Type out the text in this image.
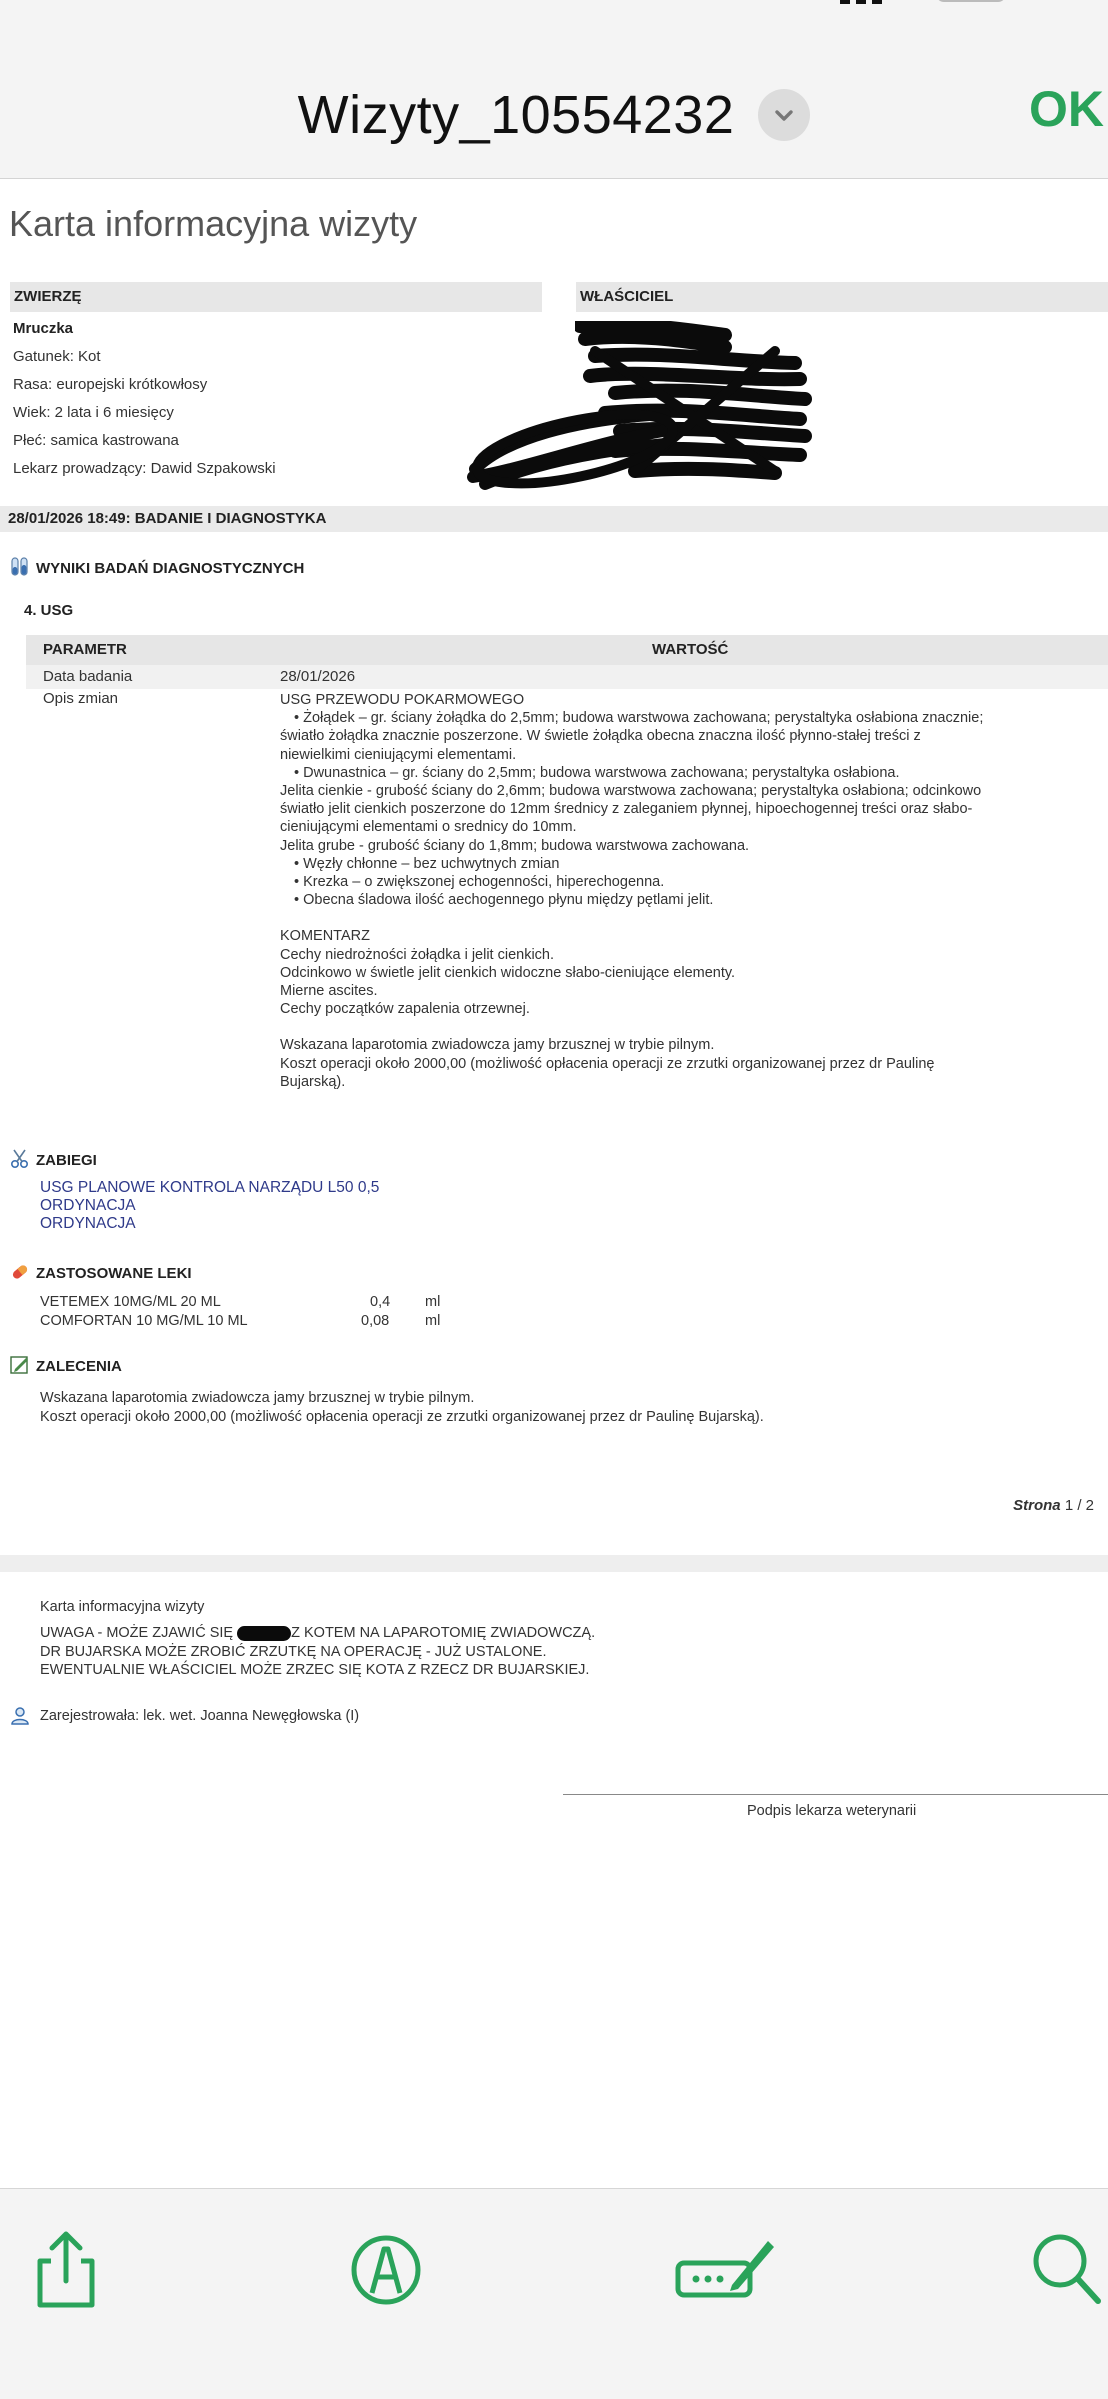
Wizyty_10554232	OK
Karta informacyjna wizyty
ZWIERZĘ
Mruczka
Gatunek: Kot
Rasa: europejski krótkowłosy
Wiek: 2 lata i 6 miesięcy
Płeć: samica kastrowana
Lekarz prowadzący: Dawid Szpakowski
WŁAŚCICIEL
28/01/2026 18:49: BADANIE I DIAGNOSTYKA
WYNIKI BADAŃ DIAGNOSTYCZNYCH
4. USG
PARAMETR	WARTOŚĆ
Data badania	28/01/2026
Opis zmian	USG PRZEWODU POKARMOWEGO
• Żołądek – gr. ściany żołądka do 2,5mm; budowa warstwowa zachowana; perystaltyka osłabiona znacznie;
światło żołądka znacznie poszerzone. W świetle żołądka obecna znaczna ilość płynno-stałej treści z
niewielkimi cieniującymi elementami.
• Dwunastnica – gr. ściany do 2,5mm; budowa warstwowa zachowana; perystaltyka osłabiona.
Jelita cienkie - grubość ściany do 2,6mm; budowa warstwowa zachowana; perystaltyka osłabiona; odcinkowo
światło jelit cienkich poszerzone do 12mm średnicy z zaleganiem płynnej, hipoechogennej treści oraz słabo-
cieniującymi elementami o srednicy do 10mm.
Jelita grube - grubość ściany do 1,8mm; budowa warstwowa zachowana.
• Węzły chłonne – bez uchwytnych zmian
• Krezka – o zwiększonej echogenności, hiperechogenna.
• Obecna śladowa ilość aechogennego płynu między pętlami jelit.
KOMENTARZ
Cechy niedrożności żołądka i jelit cienkich.
Odcinkowo w świetle jelit cienkich widoczne słabo-cieniujące elementy.
Mierne ascites.
Cechy początków zapalenia otrzewnej.
Wskazana laparotomia zwiadowcza jamy brzusznej w trybie pilnym.
Koszt operacji około 2000,00 (możliwość opłacenia operacji ze zrzutki organizowanej przez dr Paulinę
Bujarską).
ZABIEGI
USG PLANOWE KONTROLA NARZĄDU L50 0,5
ORDYNACJA
ORDYNACJA
ZASTOSOWANE LEKI
VETEMEX 10MG/ML 20 ML	0,4 ml
COMFORTAN 10 MG/ML 10 ML	0,08 ml
ZALECENIA
Wskazana laparotomia zwiadowcza jamy brzusznej w trybie pilnym.
Koszt operacji około 2000,00 (możliwość opłacenia operacji ze zrzutki organizowanej przez dr Paulinę Bujarską).
Strona 1 / 2
Karta informacyjna wizyty
UWAGA - MOŻE ZJAWIĆ SIĘ	Z KOTEM NA LAPAROTOMIĘ ZWIADOWCZĄ.
DR BUJARSKA MOŻE ZROBIĆ ZRZUTKĘ NA OPERACJĘ - JUŻ USTALONE.
EWENTUALNIE WŁAŚCICIEL MOŻE ZRZEC SIĘ KOTA Z RZECZ DR BUJARSKIEJ.
Zarejestrowała: lek. wet. Joanna Newęgłowska (I)
Podpis lekarza weterynarii
